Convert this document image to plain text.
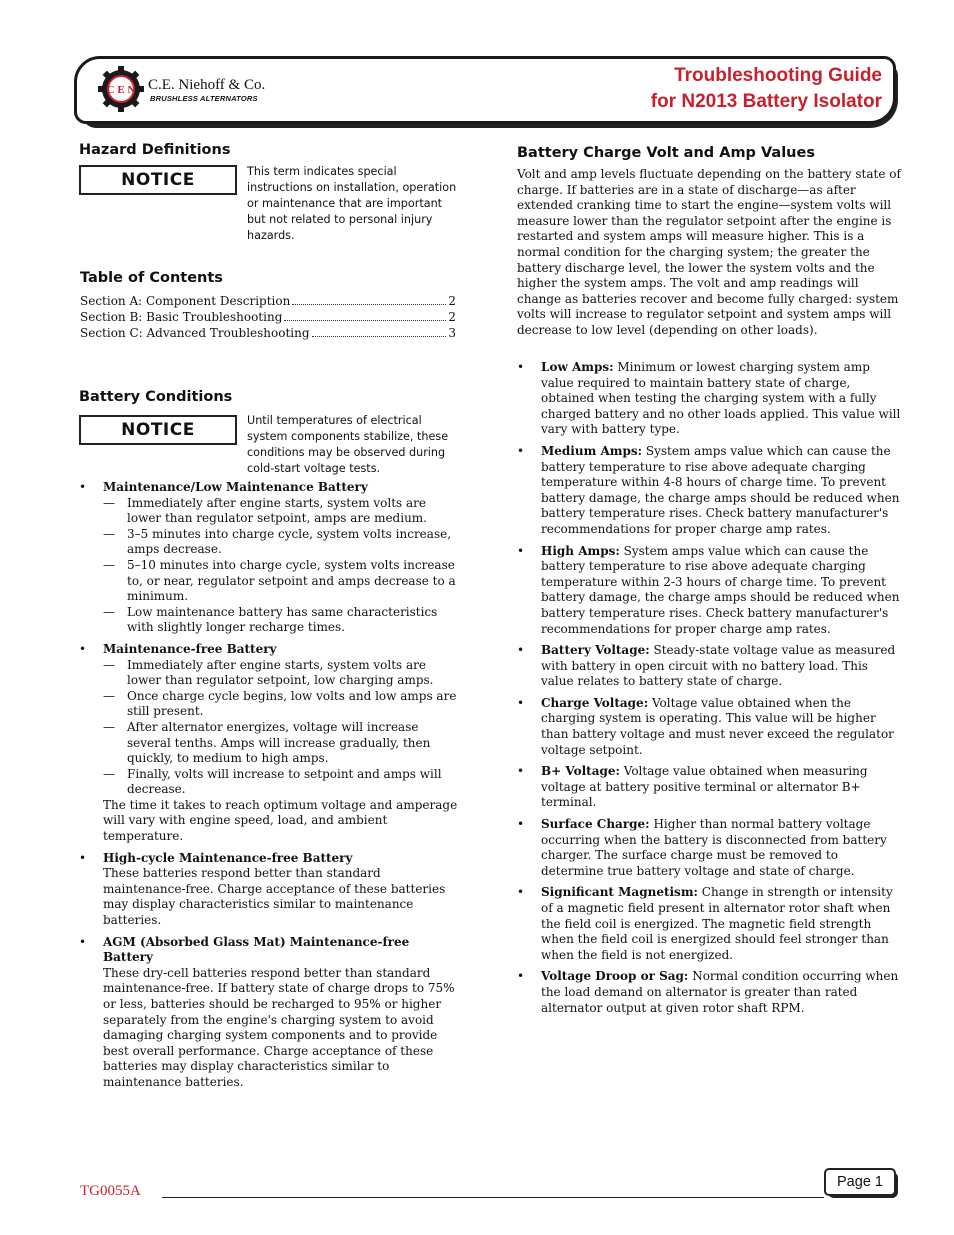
C E N C.E. Niehoff & Co.
BRUSHLESS ALTERNATORS
Troubleshooting Guide
for N2013 Battery Isolator
Hazard Definitions
NOTICE	This term indicates special instructions on installation, operation or maintenance that are important but not related to personal injury hazards.
Table of Contents
Section A: Component Description	2
Section B: Basic Troubleshooting	2
Section C: Advanced Troubleshooting	3
Battery Conditions
NOTICE	Until temperatures of electrical system components stabilize, these conditions may be observed during cold-start voltage tests.
•	Maintenance/Low Maintenance Battery
— Immediately after engine starts, system volts are lower than regulator setpoint, amps are medium.
— 3–5 minutes into charge cycle, system volts increase, amps decrease.
— 5–10 minutes into charge cycle, system volts increase to, or near, regulator setpoint and amps decrease to a minimum.
— Low maintenance battery has same characteristics with slightly longer recharge times.
•	Maintenance-free Battery
— Immediately after engine starts, system volts are lower than regulator setpoint, low charging amps.
— Once charge cycle begins, low volts and low amps are still present.
— After alternator energizes, voltage will increase several tenths. Amps will increase gradually, then quickly, to medium to high amps.
— Finally, volts will increase to setpoint and amps will decrease.
The time it takes to reach optimum voltage and amperage will vary with engine speed, load, and ambient temperature.
•	High-cycle Maintenance-free Battery
These batteries respond better than standard maintenance-free. Charge acceptance of these batteries may display characteristics similar to maintenance batteries.
•	AGM (Absorbed Glass Mat) Maintenance-free Battery
These dry-cell batteries respond better than standard maintenance-free. If battery state of charge drops to 75% or less, batteries should be recharged to 95% or higher separately from the engine's charging system to avoid damaging charging system components and to provide best overall performance. Charge acceptance of these batteries may display characteristics similar to maintenance batteries.
Battery Charge Volt and Amp Values
Volt and amp levels fluctuate depending on the battery state of charge. If batteries are in a state of discharge—as after extended cranking time to start the engine—system volts will measure lower than the regulator setpoint after the engine is restarted and system amps will measure higher. This is a normal condition for the charging system; the greater the battery discharge level, the lower the system volts and the higher the system amps. The volt and amp readings will change as batteries recover and become fully charged: system volts will increase to regulator setpoint and system amps will decrease to low level (depending on other loads).
•	Low Amps: Minimum or lowest charging system amp value required to maintain battery state of charge, obtained when testing the charging system with a fully charged battery and no other loads applied. This value will vary with battery type.
•	Medium Amps: System amps value which can cause the battery temperature to rise above adequate charging temperature within 4-8 hours of charge time. To prevent battery damage, the charge amps should be reduced when battery temperature rises. Check battery manufacturer's recommendations for proper charge amp rates.
•	High Amps: System amps value which can cause the battery temperature to rise above adequate charging temperature within 2-3 hours of charge time. To prevent battery damage, the charge amps should be reduced when battery temperature rises. Check battery manufacturer's recommendations for proper charge amp rates.
•	Battery Voltage: Steady-state voltage value as measured with battery in open circuit with no battery load. This value relates to battery state of charge.
•	Charge Voltage: Voltage value obtained when the charging system is operating. This value will be higher than battery voltage and must never exceed the regulator voltage setpoint.
•	B+ Voltage: Voltage value obtained when measuring voltage at battery positive terminal or alternator B+ terminal.
•	Surface Charge: Higher than normal battery voltage occurring when the battery is disconnected from battery charger. The surface charge must be removed to determine true battery voltage and state of charge.
•	Significant Magnetism: Change in strength or intensity of a magnetic field present in alternator rotor shaft when the field coil is energized. The magnetic field strength when the field coil is energized should feel stronger than when the field is not energized.
•	Voltage Droop or Sag: Normal condition occurring when the load demand on alternator is greater than rated alternator output at given rotor shaft RPM.
TG0055A
Page 1
